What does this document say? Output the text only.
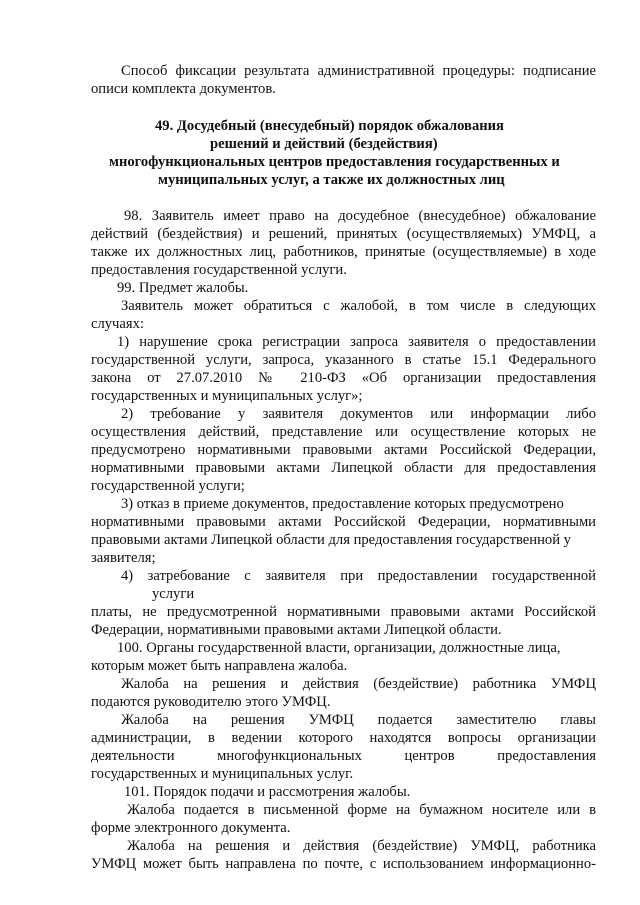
Способ фиксации результата административной процедуры: подписание
описи комплекта документов.
49. Досудебный (внесудебный) порядок обжалования
решений и действий (бездействия)
многофункциональных центров предоставления государственных и
муниципальных услуг, а также их должностных лиц
98. Заявитель имеет право на досудебное (внесудебное) обжалование
действий (бездействия) и решений, принятых (осуществляемых) УМФЦ, а
также их должностных лиц, работников, принятые (осуществляемые) в ходе
предоставления государственной услуги.
99. Предмет жалобы.
Заявитель может обратиться с жалобой, в том числе в следующих
случаях:
1) нарушение срока регистрации запроса заявителя о предоставлении
государственной услуги, запроса, указанного в статье 15.1 Федерального
закона от 27.07.2010 № 210-ФЗ «Об организации предоставления
государственных и муниципальных услуг»;
2) требование у заявителя документов или информации либо
осуществления действий, представление или осуществление которых не
предусмотрено нормативными правовыми актами Российской Федерации,
нормативными правовыми актами Липецкой области для предоставления
государственной услуги;
3) отказ в приеме документов, предоставление которых предусмотрено
нормативными правовыми актами Российской Федерации, нормативными
правовыми актами Липецкой области для предоставления государственной у
заявителя;
4) затребование с заявителя при предоставлении государственной
услуги
платы, не предусмотренной нормативными правовыми актами Российской
Федерации, нормативными правовыми актами Липецкой области.
100. Органы государственной власти, организации, должностные лица,
которым может быть направлена жалоба.
Жалоба на решения и действия (бездействие) работника УМФЦ
подаются руководителю этого УМФЦ.
Жалоба на решения УМФЦ подается заместителю главы
администрации, в ведении которого находятся вопросы организации
деятельности многофункциональных центров предоставления
государственных и муниципальных услуг.
101. Порядок подачи и рассмотрения жалобы.
Жалоба подается в письменной форме на бумажном носителе или в
форме электронного документа.
Жалоба на решения и действия (бездействие) УМФЦ, работника
УМФЦ может быть направлена по почте, с использованием информационно-
